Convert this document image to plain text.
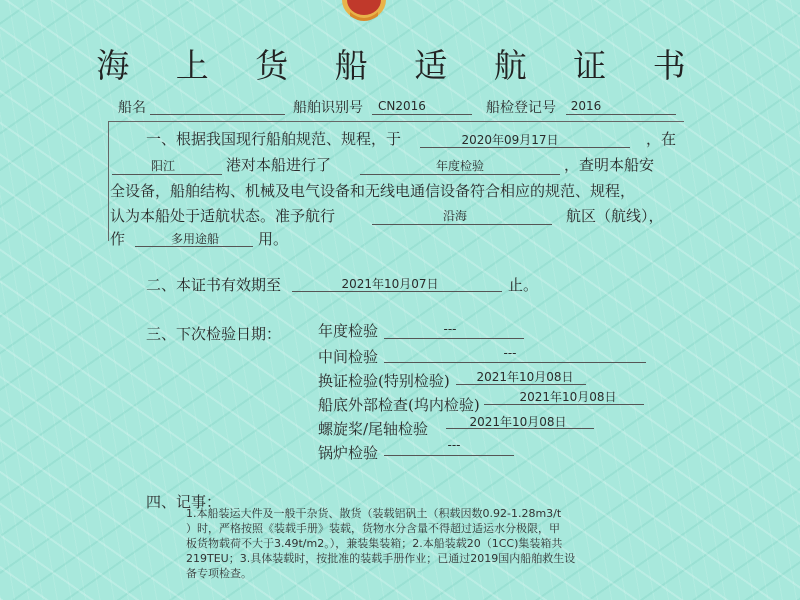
海 上 货 船 适 航 证 书
船名	船舶识别号	CN2016	船检登记号	2016
一、根据我国现行船舶规范、规程，于	2020年09月17日	，在
阳江	港对本船进行了	年度检验	，查明本船安
全设备，船舶结构、机械及电气设备和无线电通信设备符合相应的规范、规程，
认为本船处于适航状态。准予航行	沿海	航区（航线），
作	多用途船	用。
二、本证书有效期至	2021年10月07日	止。
三、下次检验日期： 年度检验	---
中间检验	---
换证检验(特别检验)	2021年10月08日
船底外部检查(坞内检验)	2021年10月08日
螺旋桨/尾轴检验	2021年10月08日
锅炉检验	---
四、记事：
1.本船装运大件及一般干杂货、散货（装载铝矾土（积载因数0.92-1.28m3/t
）时，严格按照《装载手册》装载，货物水分含量不得超过适运水分极限，甲
板货物载荷不大于3.49t/m2。），兼装集装箱；2.本船装载20（1CC)集装箱共
219TEU；3.具体装载时，按批准的装载手册作业；已通过2019国内船舶救生设
备专项检查。
